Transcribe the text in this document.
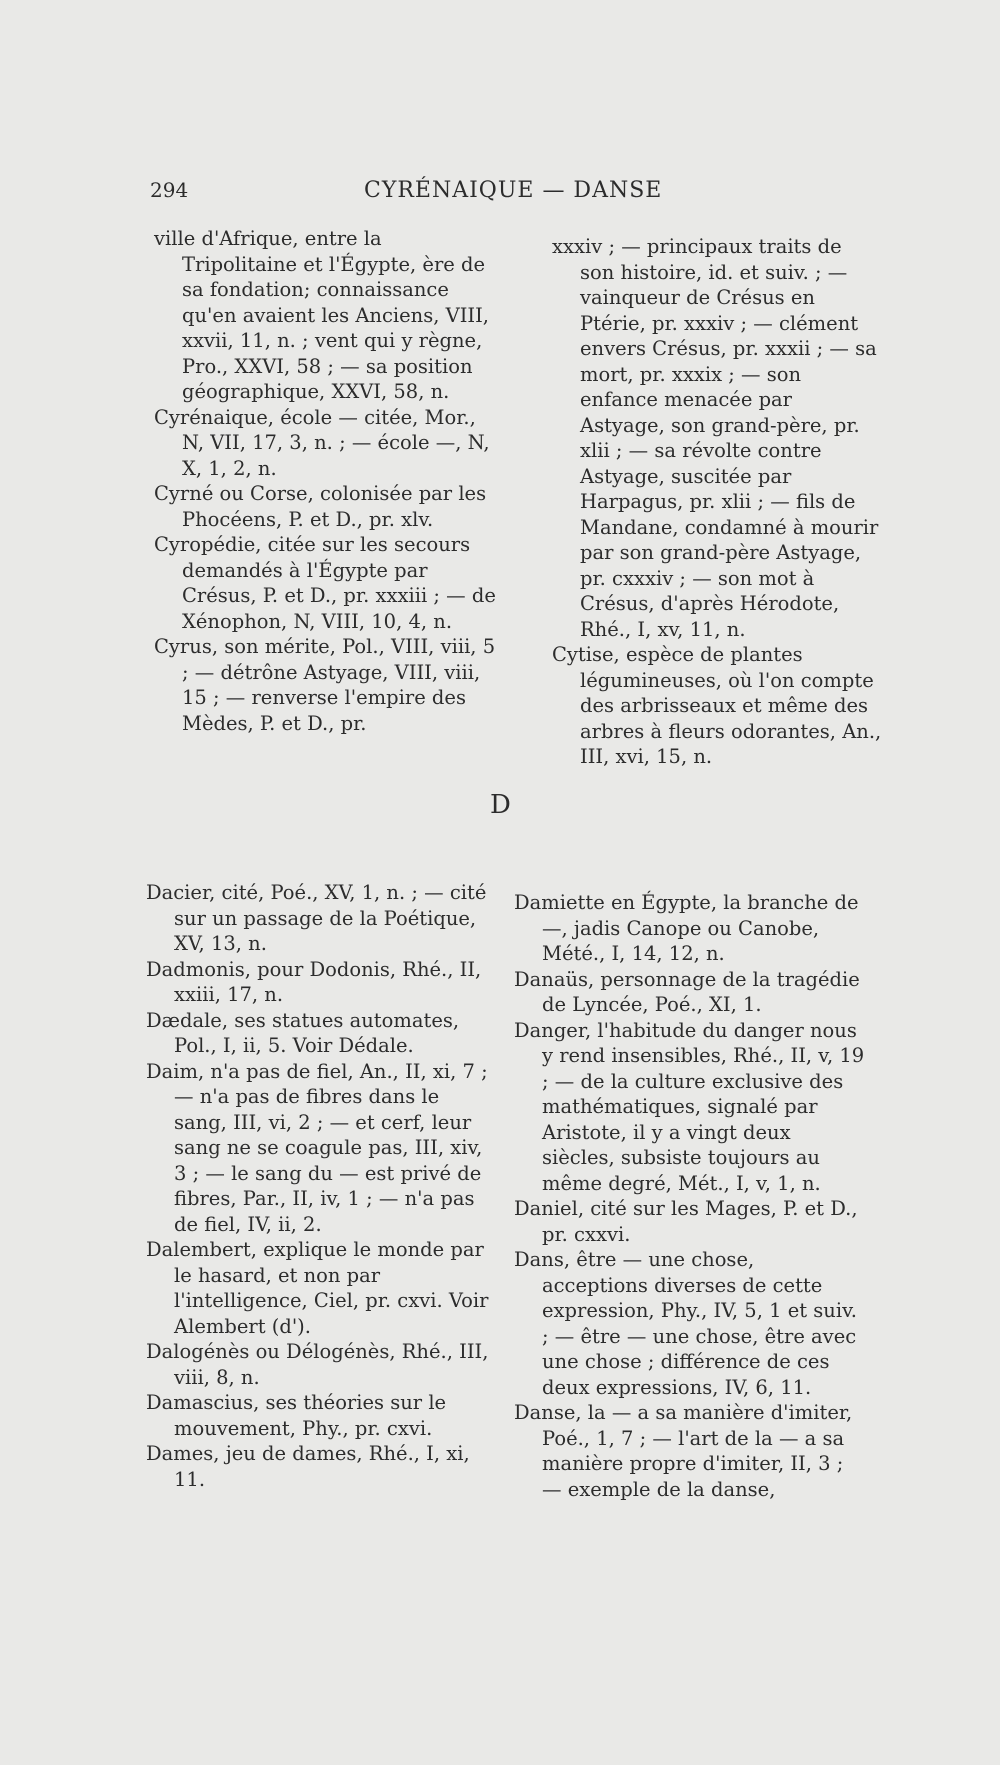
294	CYRÉNAIQUE — DANSE

ville d'Afrique, entre la Tripolitaine et l'Égypte, ère de sa fondation; connaissance qu'en avaient les Anciens, VIII, xxvii, 11, n. ; vent qui y règne, Pro., XXVI, 58 ; — sa position géographique, XXVI, 58, n.

Cyrénaique, école — citée, Mor., N, VII, 17, 3, n. ; — école —, N, X, 1, 2, n.

Cyrné ou Corse, colonisée par les Phocéens, P. et D., pr. xlv.

Cyropédie, citée sur les secours demandés à l'Égypte par Crésus, P. et D., pr. xxxiii ; — de Xénophon, N, VIII, 10, 4, n.

Cyrus, son mérite, Pol., VIII, viii, 5 ; — détrône Astyage, VIII, viii, 15 ; — renverse l'empire des Mèdes, P. et D., pr.

xxxiv ; — principaux traits de son histoire, id. et suiv. ; — vainqueur de Crésus en Ptérie, pr. xxxiv ; — clément envers Crésus, pr. xxxii ; — sa mort, pr. xxxix ; — son enfance menacée par Astyage, son grand-père, pr. xlii ; — sa révolte contre Astyage, suscitée par Harpagus, pr. xlii ; — fils de Mandane, condamné à mourir par son grand-père Astyage, pr. cxxxiv ; — son mot à Crésus, d'après Hérodote, Rhé., I, xv, 11, n.

Cytise, espèce de plantes légumineuses, où l'on compte des arbrisseaux et même des arbres à fleurs odorantes, An., III, xvi, 15, n.

D

Dacier, cité, Poé., XV, 1, n. ; — cité sur un passage de la Poétique, XV, 13, n.

Dadmonis, pour Dodonis, Rhé., II, xxiii, 17, n.

Dædale, ses statues automates, Pol., I, ii, 5. Voir Dédale.

Daim, n'a pas de fiel, An., II, xi, 7 ; — n'a pas de fibres dans le sang, III, vi, 2 ; — et cerf, leur sang ne se coagule pas, III, xiv, 3 ; — le sang du — est privé de fibres, Par., II, iv, 1 ; — n'a pas de fiel, IV, ii, 2.

Dalembert, explique le monde par le hasard, et non par l'intelligence, Ciel, pr. cxvi. Voir Alembert (d').

Dalogénès ou Délogénès, Rhé., III, viii, 8, n.

Damascius, ses théories sur le mouvement, Phy., pr. cxvi.

Dames, jeu de dames, Rhé., I, xi, 11.

Damiette en Égypte, la branche de —, jadis Canope ou Canobe, Mété., I, 14, 12, n.

Danaüs, personnage de la tragédie de Lyncée, Poé., XI, 1.

Danger, l'habitude du danger nous y rend insensibles, Rhé., II, v, 19 ; — de la culture exclusive des mathématiques, signalé par Aristote, il y a vingt deux siècles, subsiste toujours au même degré, Mét., I, v, 1, n.

Daniel, cité sur les Mages, P. et D., pr. cxxvi.

Dans, être — une chose, acceptions diverses de cette expression, Phy., IV, 5, 1 et suiv. ; — être — une chose, être avec une chose ; différence de ces deux expressions, IV, 6, 11.

Danse, la — a sa manière d'imiter, Poé., 1, 7 ; — l'art de la — a sa manière propre d'imiter, II, 3 ; — exemple de la danse,
